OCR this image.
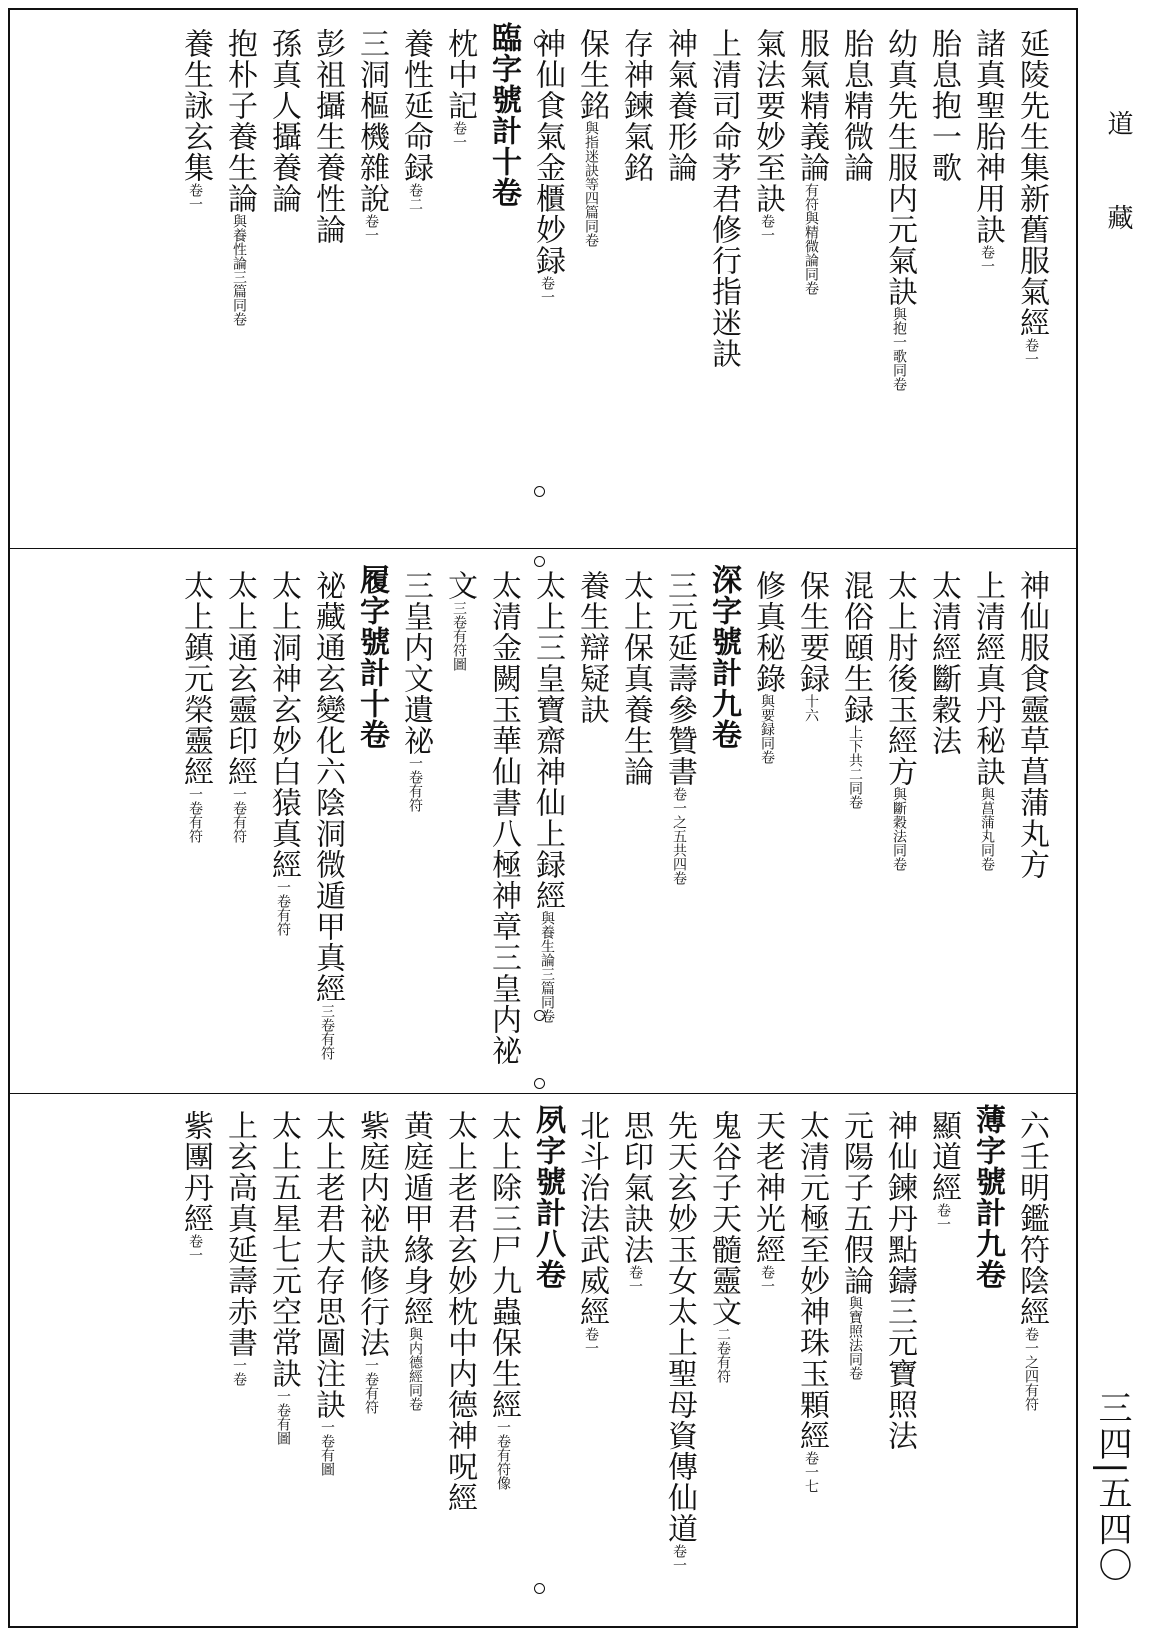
道 藏
三四|五四〇
延陵先生集新舊服氣經卷一
諸真聖胎神用訣卷一
胎息抱一歌
幼真先生服内元氣訣與抱一歌同卷
胎息精微論
服氣精義論有符與精微論同卷
氣法要妙至訣卷一
上清司命茅君修行指迷訣
神氣養形論
存神鍊氣銘
保生銘與指迷訣等四篇同卷
神仙食氣金櫃妙録卷一
臨字號計十卷
枕中記卷一
養性延命録卷二
三洞樞機雜說卷一
彭祖攝生養性論
孫真人攝養論
抱朴子養生論與養性論三篇同卷
養生詠玄集卷一
神仙服食靈草菖蒲丸方
上清經真丹秘訣與菖蒲丸同卷
太清經斷穀法
太上肘後玉經方與斷穀法同卷
混俗頤生録上下共二同卷
保生要録十六
修真秘錄與要録同卷
深字號計九卷
三元延壽參贊書卷一之五共四卷
太上保真養生論
養生辯疑訣
太上三皇寶齋神仙上録經與養生論三篇同卷
太清金闕玉華仙書八極神章三皇内祕
文三卷有符圖
三皇内文遺祕一卷有符
履字號計十卷
祕藏通玄變化六陰洞微遁甲真經三卷有符
太上洞神玄妙白猿真經一卷有符
太上通玄靈印經一卷有符
太上鎮元榮靈經一卷有符
六壬明鑑符陰經卷一之四有符
薄字號計九卷
顯道經卷一
神仙鍊丹點鑄三元寶照法
元陽子五假論與寶照法同卷
太清元極至妙神珠玉顆經卷一七
天老神光經卷一
鬼谷子天髓靈文二卷有符
先天玄妙玉女太上聖母資傳仙道卷一
思印氣訣法卷一
北斗治法武威經卷一
夙字號計八卷
太上除三尸九蟲保生經一卷有符像
太上老君玄妙枕中内德神呪經
黄庭遁甲緣身經與内德經同卷
紫庭内祕訣修行法一卷有符
太上老君大存思圖注訣一卷有圖
太上五星七元空常訣一卷有圖
上玄高真延壽赤書一卷
紫團丹經卷一
